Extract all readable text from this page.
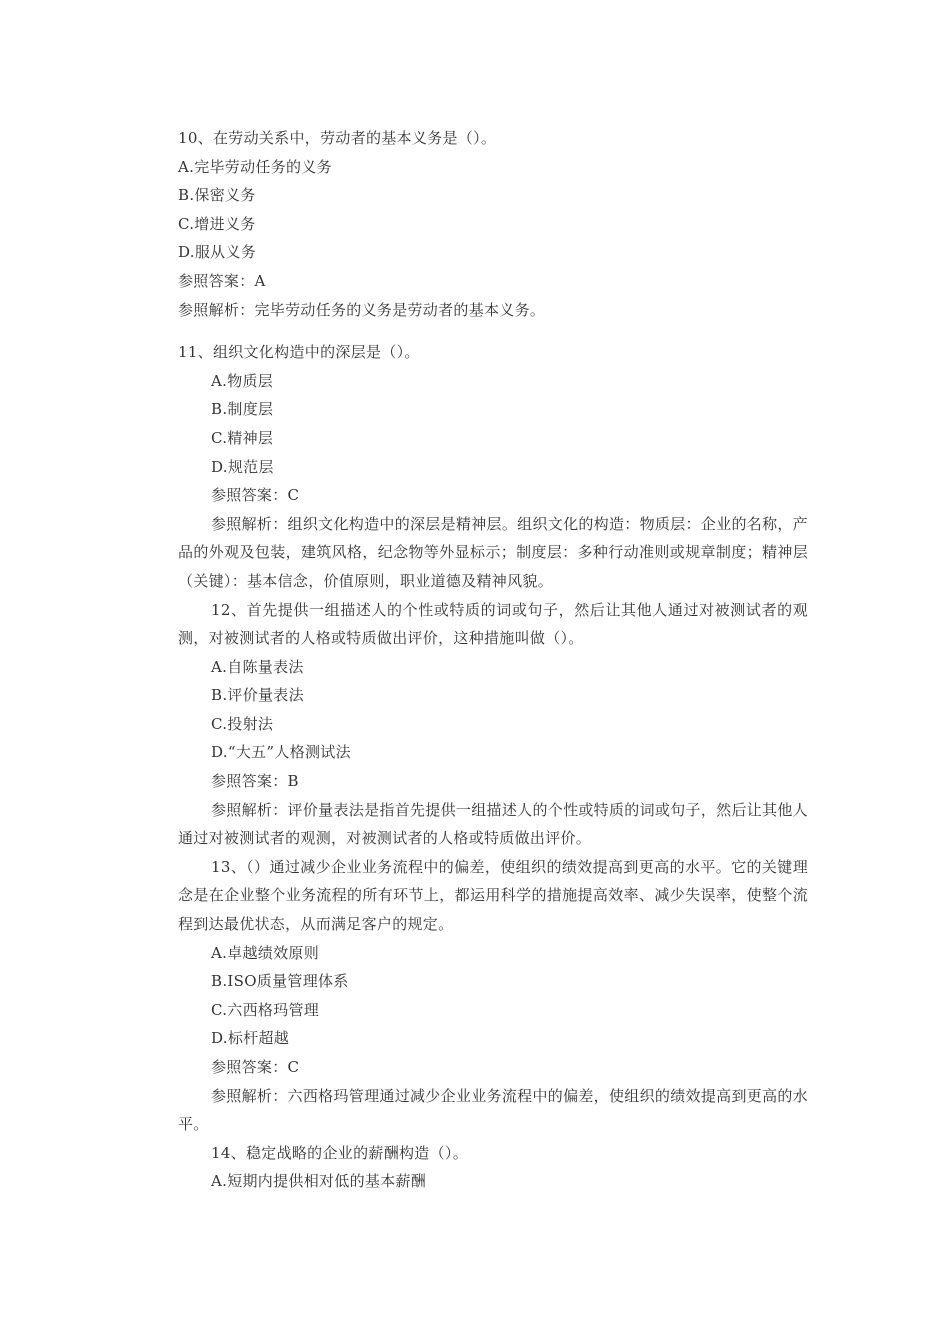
10、在劳动关系中，劳动者的基本义务是（）。

A.完毕劳动任务的义务

B.保密义务

C.增进义务

D.服从义务

参照答案：A

参照解析：完毕劳动任务的义务是劳动者的基本义务。

11、组织文化构造中的深层是（）。

A.物质层

B.制度层

C.精神层

D.规范层

参照答案：C

参照解析：组织文化构造中的深层是精神层。组织文化的构造：物质层：企业的名称，产品的外观及包装，建筑风格，纪念物等外显标示；制度层：多种行动准则或规章制度；精神层（关键）：基本信念，价值原则，职业道德及精神风貌。

12、首先提供一组描述人的个性或特质的词或句子，然后让其他人通过对被测试者的观测，对被测试者的人格或特质做出评价，这种措施叫做（）。

A.自陈量表法

B.评价量表法

C.投射法

D.“大五”人格测试法

参照答案：B

参照解析：评价量表法是指首先提供一组描述人的个性或特质的词或句子，然后让其他人通过对被测试者的观测，对被测试者的人格或特质做出评价。

13、（）通过减少企业业务流程中的偏差，使组织的绩效提高到更高的水平。它的关键理念是在企业整个业务流程的所有环节上，都运用科学的措施提高效率、减少失误率，使整个流程到达最优状态，从而满足客户的规定。

A.卓越绩效原则

B.ISO质量管理体系

C.六西格玛管理

D.标杆超越

参照答案：C

参照解析：六西格玛管理通过减少企业业务流程中的偏差，使组织的绩效提高到更高的水平。

14、稳定战略的企业的薪酬构造（）。

A.短期内提供相对低的基本薪酬
